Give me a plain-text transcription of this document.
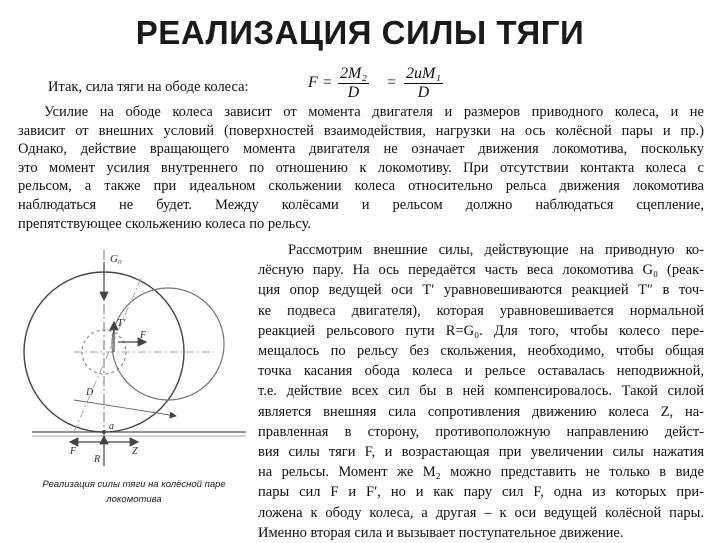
РЕАЛИЗАЦИЯ СИЛЫ ТЯГИ
Итак, сила тяги на ободе колеса:	$F = \frac{\text{2M₂}}{D} = \frac{\text{2uM₁}}{D}$
Усилие на ободе колеса зависит от момента двигателя и размеров приводного колеса, и не
зависит от внешних условий (поверхностей взаимодействия, нагрузки на ось колёсной пары и пр.)
Однако, действие вращающего момента двигателя не означает движения локомотива, поскольку
это момент усилия внутреннего по отношению к локомотиву. При отсутствии контакта колеса с
рельсом, а также при идеальном скольжении колеса относительно рельса движения локомотива
наблюдаться не будет. Между колёсами и рельсом должно наблюдаться сцепление,
препятствующее скольжению колеса по рельсу.
G₀
T′
F
D
R
F	Z
a
Реализация силы тяги на колёсной паре локомотива
Рассмотрим внешние силы, действующие на приводную ко-
лёсную пару. На ось передаётся часть веса локомотива G₀ (реак-
ция опор ведущей оси Т′ уравновешиваются реакцией Т″ в точ-
ке подвеса двигателя), которая уравновешивается нормальной
реакцией рельсового пути R=G₀. Для того, чтобы колесо пере-
мещалось по рельсу без скольжения, необходимо, чтобы общая
точка касания обода колеса и рельсе оставалась неподвижной,
т.е. действие всех сил бы в ней компенсировалось. Такой силой
является внешняя сила сопротивления движению колеса Z, на-
правленная в сторону, противоположную направлению дейст-
вия силы тяги F, и возрастающая при увеличении силы нажатия
на рельсы. Момент же M₂ можно представить не только в виде
пары сил F и F′, но и как пару сил F, одна из которых при-
ложена к ободу колеса, а другая – к оси ведущей колёсной пары.
Именно вторая сила и вызывает поступательное движение.
